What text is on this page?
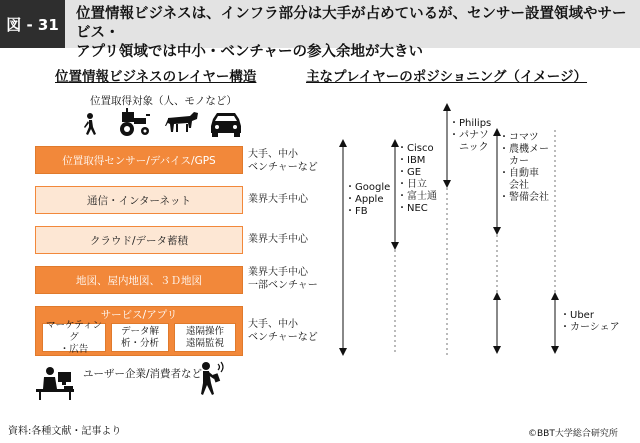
図 - 31
位置情報ビジネスは、インフラ部分は大手が占めているが、センサー設置領域やサービス・
アプリ領域では中小・ベンチャーの参入余地が大きい
位置情報ビジネスのレイヤー構造	主なプレイヤーのポジショニング（イメージ）
位置取得対象（人、モノなど）
位置取得センサー/デバイス/GPS
通信・インターネット
クラウド/データ蓄積
地図、屋内地図、３Ｄ地図
サービス/アプリ
マーケティング
・広告
データ解
析・分析
遠隔操作
遠隔監視
大手、中小
ベンチャーなど
業界大手中心
業界大手中心
業界大手中心
一部ベンチャー
大手、中小
ベンチャーなど
ユーザー企業/消費者など
・Google
・Apple
・FB
・Cisco
・IBM
・GE
・日立
・富士通
・NEC
・Philips
・パナソ
　ニック
・コマツ
・農機メー
　カー
・自動車
　会社
・警備会社
・Uber
・カーシェア
資料:各種文献・記事より	©BBT大学総合研究所
